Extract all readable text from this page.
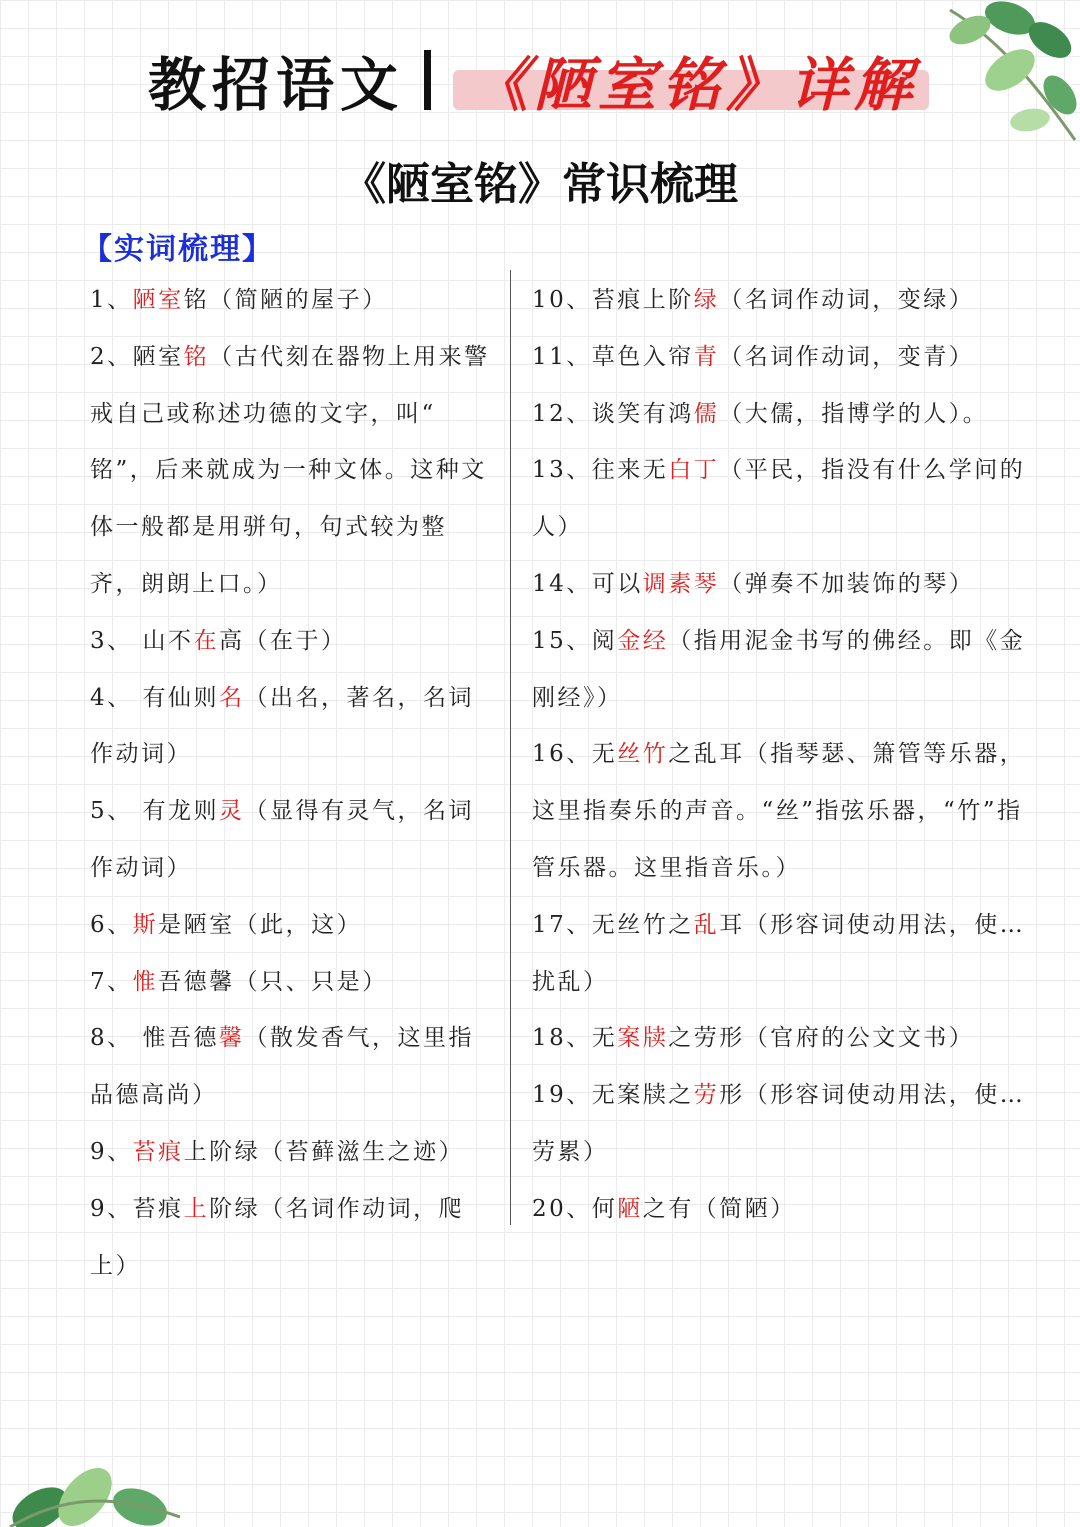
教招语文 《陋室铭》详解
《陋室铭》常识梳理
【实词梳理】
1、陋室铭（简陋的屋子）
2、陋室铭（古代刻在器物上用来警戒自己或称述功德的文字，叫“ 铭”，后来就成为一种文体。这种文体一般都是用骈句，句式较为整齐，朗朗上口。）
3、 山不在高（在于）
4、 有仙则名（出名，著名，名词作动词）
5、 有龙则灵（显得有灵气，名词作动词）
6、斯是陋室（此，这）
7、惟吾德馨（只、只是）
8、 惟吾德馨（散发香气，这里指品德高尚）
9、苔痕上阶绿（苔藓滋生之迹）
9、苔痕上阶绿（名词作动词，爬上）
10、苔痕上阶绿（名词作动词，变绿）
11、草色入帘青（名词作动词，变青）
12、谈笑有鸿儒（大儒，指博学的人）。
13、往来无白丁（平民，指没有什么学问的人）
14、可以调素琴（弹奏不加装饰的琴）
15、阅金经（指用泥金书写的佛经。即《金刚经》）
16、无丝竹之乱耳（指琴瑟、箫管等乐器，这里指奏乐的声音。“丝”指弦乐器，“竹”指管乐器。这里指音乐。）
17、无丝竹之乱耳（形容词使动用法，使…扰乱）
18、无案牍之劳形（官府的公文文书）
19、无案牍之劳形（形容词使动用法，使…劳累）
20、何陋之有（简陋）
